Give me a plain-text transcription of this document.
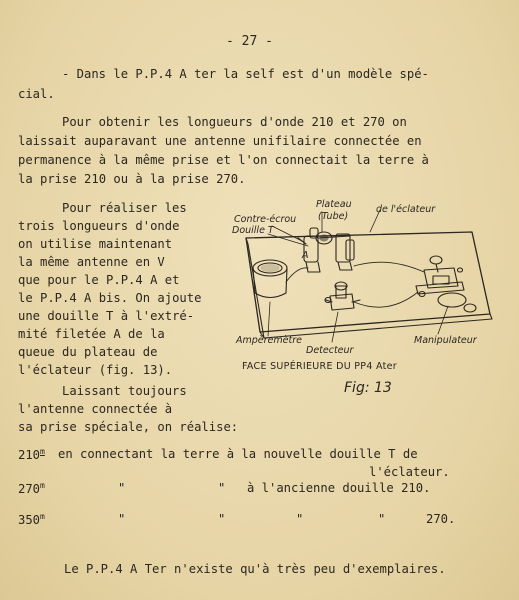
- 27 -
- Dans le P.P.4 A ter la self est d'un modèle spé-
cial.
Pour obtenir les longueurs d'onde 210 et 270 on
laissait auparavant une antenne unifilaire connectée en
permanence à la même prise et l'on connectait la terre à
la prise 210 ou à la prise 270.
Pour réaliser les
trois longueurs d'onde
on utilise maintenant
la même antenne en V
que pour le P.P.4 A et
le P.P.4 A bis. On ajoute
une douille T à l'extré-
mité filetée A de la
queue du plateau de
l'éclateur (fig. 13).
Laissant toujours
l'antenne connectée à
sa prise spéciale, on réalise:
210$^m$ en connectant la terre à la nouvelle douille T de
l'éclateur.
270$^m$	"	" à l'ancienne douille 210.
350$^m$	"	"	"	"	270.
Le P.P.4 A Ter n'existe qu'à très peu d'exemplaires.
Plateau
(Tube)
de l'éclateur
Contre-écrou
Douille T
A
Ampèremètre
Detecteur
Manipulateur
FACE SUPÉRIEURE DU PP4 Ater
Fig: 13
